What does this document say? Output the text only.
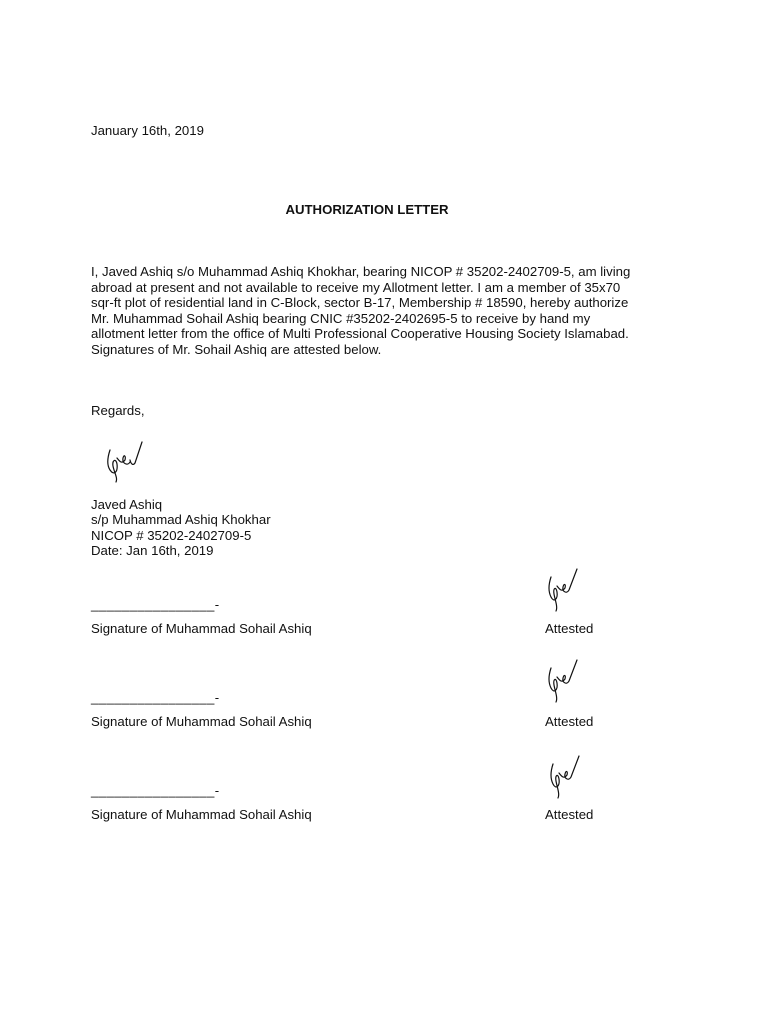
January 16th, 2019
AUTHORIZATION LETTER
I, Javed Ashiq s/o Muhammad Ashiq Khokhar, bearing NICOP # 35202-2402709-5, am living
abroad at present and not available to receive my Allotment letter. I am a member of 35x70
sqr-ft plot of residential land in C-Block, sector B-17, Membership # 18590, hereby authorize
Mr. Muhammad Sohail Ashiq bearing CNIC #35202-2402695-5 to receive by hand my
allotment letter from the office of Multi Professional Cooperative Housing Society Islamabad.
Signatures of Mr. Sohail Ashiq are attested below.
Regards,
Javed Ashiq
s/p Muhammad Ashiq Khokhar
NICOP # 35202-2402709-5
Date: Jan 16th, 2019
________________-
Signature of Muhammad Sohail Ashiq	Attested
________________-
Signature of Muhammad Sohail Ashiq	Attested
________________-
Signature of Muhammad Sohail Ashiq	Attested
